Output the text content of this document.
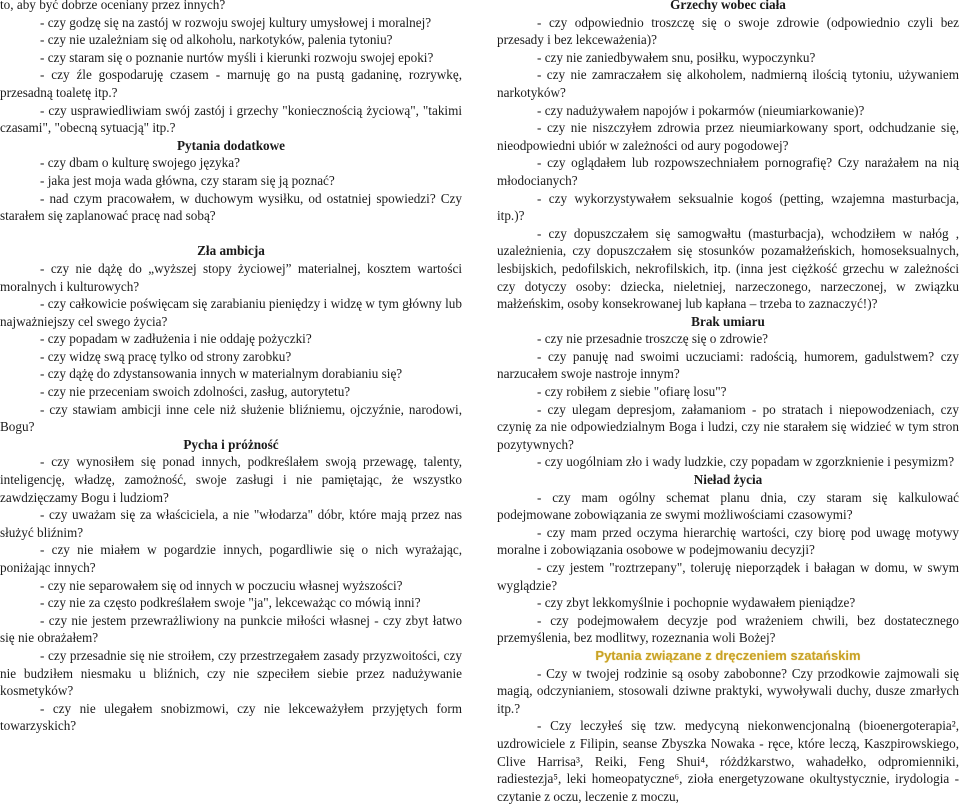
to, aby być dobrze oceniany przez innych?

- czy godzę się na zastój w rozwoju swojej kultury umysłowej i moralnej?

- czy nie uzależniam się od alkoholu, narkotyków, palenia tytoniu?

- czy staram się o poznanie nurtów myśli i kierunki rozwoju swojej epoki?

- czy źle gospodaruję czasem - marnuję go na pustą gadaninę, rozrywkę, przesadną toaletę itp.?

- czy usprawiedliwiam swój zastój i grzechy "koniecznością życiową", "takimi czasami", "obecną sytuacją" itp.?

Pytania dodatkowe

- czy dbam o kulturę swojego języka?

- jaka jest moja wada główna, czy staram się ją poznać?

- nad czym pracowałem, w duchowym wysiłku, od ostatniej spowiedzi? Czy starałem się zaplanować pracę nad sobą?

Zła ambicja

- czy nie dążę do „wyższej stopy życiowej” materialnej, kosztem wartości moralnych i kulturowych?

- czy całkowicie poświęcam się zarabianiu pieniędzy i widzę w tym główny lub najważniejszy cel swego życia?

- czy popadam w zadłużenia i nie oddaję pożyczki?

- czy widzę swą pracę tylko od strony zarobku?

- czy dążę do zdystansowania innych w materialnym dorabianiu się?

- czy nie przeceniam swoich zdolności, zasług, autorytetu?

- czy stawiam ambicji inne cele niż służenie bliźniemu, ojczyźnie, narodowi, Bogu?

Pycha i próżność

- czy wynosiłem się ponad innych, podkreślałem swoją przewagę, talenty, inteligencję, władzę, zamożność, swoje zasługi i nie pamiętając, że wszystko zawdzięczamy Bogu i ludziom?

- czy uważam się za właściciela, a nie "włodarza" dóbr, które mają przez nas służyć bliźnim?

- czy nie miałem w pogardzie innych, pogardliwie się o nich wyrażając, poniżając innych?

- czy nie separowałem się od innych w poczuciu własnej wyższości?

- czy nie za często podkreślałem swoje "ja", lekceważąc co mówią inni?

- czy nie jestem przewrażliwiony na punkcie miłości własnej - czy zbyt łatwo się nie obrażałem?

- czy przesadnie się nie stroiłem, czy przestrzegałem zasady przyzwoitości, czy nie budziłem niesmaku u bliźnich, czy nie szpeciłem siebie przez nadużywanie kosmetyków?

- czy nie ulegałem snobizmowi, czy nie lekceważyłem przyjętych form towarzyskich?

Grzechy wobec ciała

- czy odpowiednio troszczę się o swoje zdrowie (odpowiednio czyli bez przesady i bez lekceważenia)?

- czy nie zaniedbywałem snu, posiłku, wypoczynku?

- czy nie zamraczałem się alkoholem, nadmierną ilością tytoniu, używaniem narkotyków?

- czy nadużywałem napojów i pokarmów (nieumiarkowanie)?

- czy nie niszczyłem zdrowia przez nieumiarkowany sport, odchudzanie się, nieodpowiedni ubiór w zależności od aury pogodowej?

- czy oglądałem lub rozpowszechniałem pornografię? Czy narażałem na nią młodocianych?

- czy wykorzystywałem seksualnie kogoś (petting, wzajemna masturbacja, itp.)?

- czy dopuszczałem się samogwałtu (masturbacja), wchodziłem w nałóg , uzależnienia, czy dopuszczałem się stosunków pozamałżeńskich, homoseksualnych, lesbijskich, pedofilskich, nekrofilskich, itp. (inna jest ciężkość grzechu w zależności czy dotyczy osoby: dziecka, nieletniej, narzeczonego, narzeczonej, w związku małżeńskim, osoby konsekrowanej lub kapłana – trzeba to zaznaczyć!)?

Brak umiaru

- czy nie przesadnie troszczę się o zdrowie?

- czy panuję nad swoimi uczuciami: radością, humorem, gadulstwem? czy narzucałem swoje nastroje innym?

- czy robiłem z siebie "ofiarę losu"?

- czy ulegam depresjom, załamaniom - po stratach i niepowodzeniach, czy czynię za nie odpowiedzialnym Boga i ludzi, czy nie starałem się widzieć w tym stron pozytywnych?

- czy uogólniam zło i wady ludzkie, czy popadam w zgorzknienie i pesymizm?

Nieład życia

- czy mam ogólny schemat planu dnia, czy staram się kalkulować podejmowane zobowiązania ze swymi możliwościami czasowymi?

- czy mam przed oczyma hierarchię wartości, czy biorę pod uwagę motywy moralne i zobowiązania osobowe w podejmowaniu decyzji?

- czy jestem "roztrzepany", toleruję nieporządek i bałagan w domu, w swym wyglądzie?

- czy zbyt lekkomyślnie i pochopnie wydawałem pieniądze?

- czy podejmowałem decyzje pod wrażeniem chwili, bez dostatecznego przemyślenia, bez modlitwy, rozeznania woli Bożej?

Pytania związane z dręczeniem szatańskim

- Czy w twojej rodzinie są osoby zabobonne? Czy przodkowie zajmowali się magią, odczynianiem, stosowali dziwne praktyki, wywoływali duchy, dusze zmarłych itp.?

- Czy leczyłeś się tzw. medycyną niekonwencjonalną (bioenergoterapia², uzdrowiciele z Filipin, seanse Zbyszka Nowaka - ręce, które leczą, Kaszpirowskiego, Clive Harrisa³, Reiki, Feng Shui⁴, różdżkarstwo, wahadełko, odpromienniki, radiestezja⁵, leki homeopatyczne⁶, zioła energetyzowane okultystycznie, irydologia - czytanie z oczu, leczenie z moczu,
